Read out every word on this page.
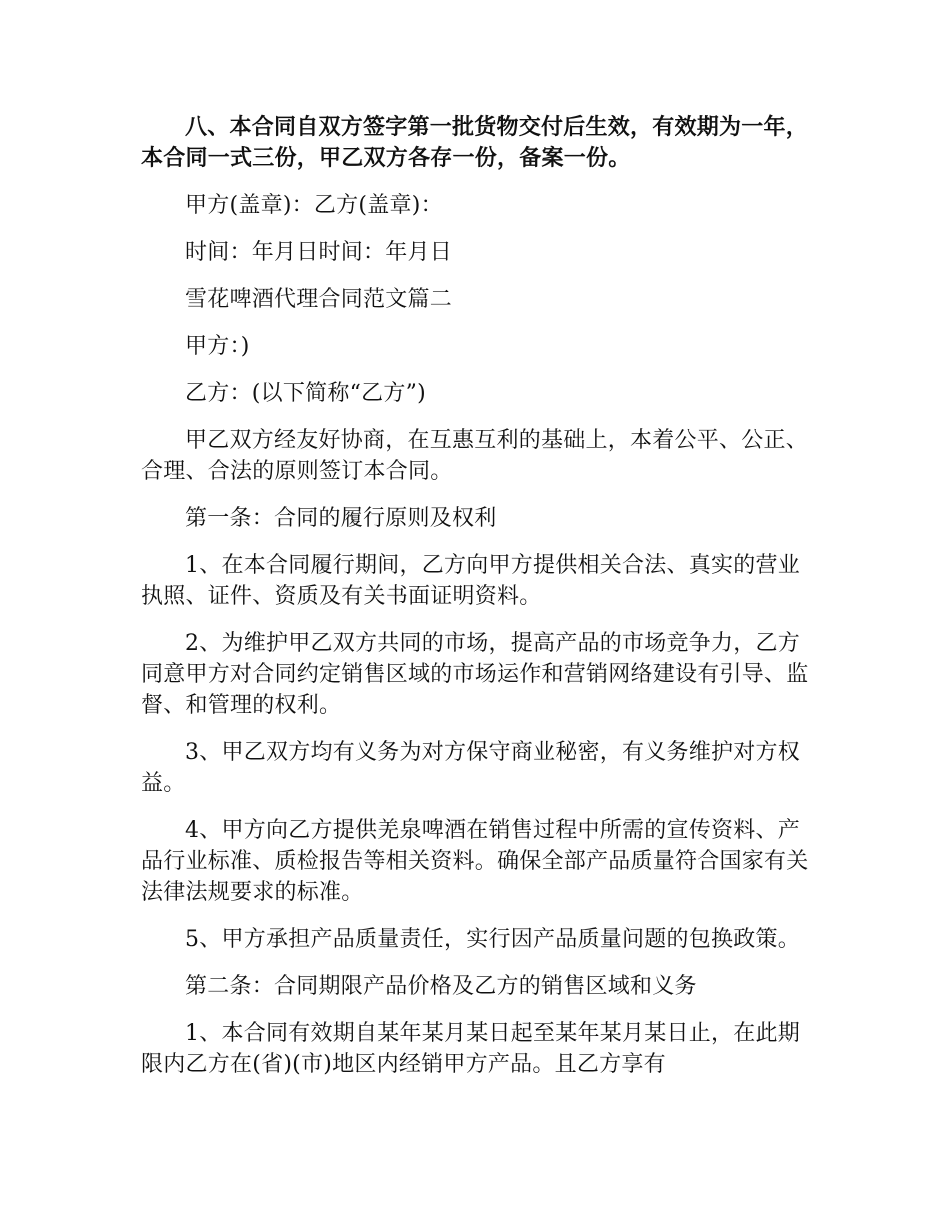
八、本合同自双方签字第一批货物交付后生效，有效期为一年，本合同一式三份，甲乙双方各存一份，备案一份。

甲方(盖章)：乙方(盖章)：

时间：年月日时间：年月日

雪花啤酒代理合同范文篇二

甲方：)

乙方：(以下简称“乙方”)

甲乙双方经友好协商，在互惠互利的基础上，本着公平、公正、合理、合法的原则签订本合同。

第一条：合同的履行原则及权利

1、在本合同履行期间，乙方向甲方提供相关合法、真实的营业执照、证件、资质及有关书面证明资料。

2、为维护甲乙双方共同的市场，提高产品的市场竞争力，乙方同意甲方对合同约定销售区域的市场运作和营销网络建设有引导、监督、和管理的权利。

3、甲乙双方均有义务为对方保守商业秘密，有义务维护对方权益。

4、甲方向乙方提供羌泉啤酒在销售过程中所需的宣传资料、产品行业标准、质检报告等相关资料。确保全部产品质量符合国家有关法律法规要求的标准。

5、甲方承担产品质量责任，实行因产品质量问题的包换政策。

第二条：合同期限产品价格及乙方的销售区域和义务

1、本合同有效期自某年某月某日起至某年某月某日止，在此期限内乙方在(省)(市)地区内经销甲方产品。且乙方享有
